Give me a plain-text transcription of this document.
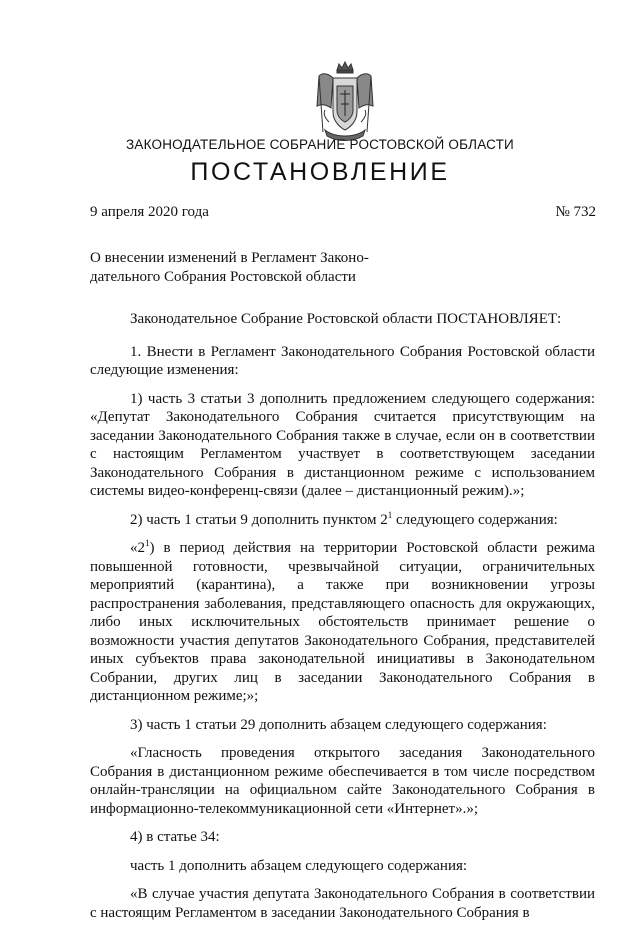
ЗАКОНОДАТЕЛЬНОЕ СОБРАНИЕ РОСТОВСКОЙ ОБЛАСТИ
ПОСТАНОВЛЕНИЕ
9 апреля 2020 года	№ 732
О внесении изменений в Регламент Законо-
дательного Собрания Ростовской области

Законодательное Собрание Ростовской области ПОСТАНОВЛЯЕТ:

1. Внести в Регламент Законодательного Собрания Ростовской области следующие изменения:

1) часть 3 статьи 3 дополнить предложением следующего содержания: «Депутат Законодательного Собрания считается присутствующим на заседании Законодательного Собрания также в случае, если он в соответствии с настоящим Регламентом участвует в соответствующем заседании Законодательного Собрания в дистанционном режиме с использованием системы видео-конференц-связи (далее – дистанционный режим).»;

2) часть 1 статьи 9 дополнить пунктом $2^1$ следующего содержания:

«$2^1$) в период действия на территории Ростовской области режима повышенной готовности, чрезвычайной ситуации, ограничительных мероприятий (карантина), а также при возникновении угрозы распространения заболевания, представляющего опасность для окружающих, либо иных исключительных обстоятельств принимает решение о возможности участия депутатов Законодательного Собрания, представителей иных субъектов права законодательной инициативы в Законодательном Собрании, других лиц в заседании Законодательного Собрания в дистанционном режиме;»;

3) часть 1 статьи 29 дополнить абзацем следующего содержания:

«Гласность проведения открытого заседания Законодательного Собрания в дистанционном режиме обеспечивается в том числе посредством онлайн-трансляции на официальном сайте Законодательного Собрания в информационно-телекоммуникационной сети «Интернет».»;

4) в статье 34:

часть 1 дополнить абзацем следующего содержания:

«В случае участия депутата Законодательного Собрания в соответствии с настоящим Регламентом в заседании Законодательного Собрания в
